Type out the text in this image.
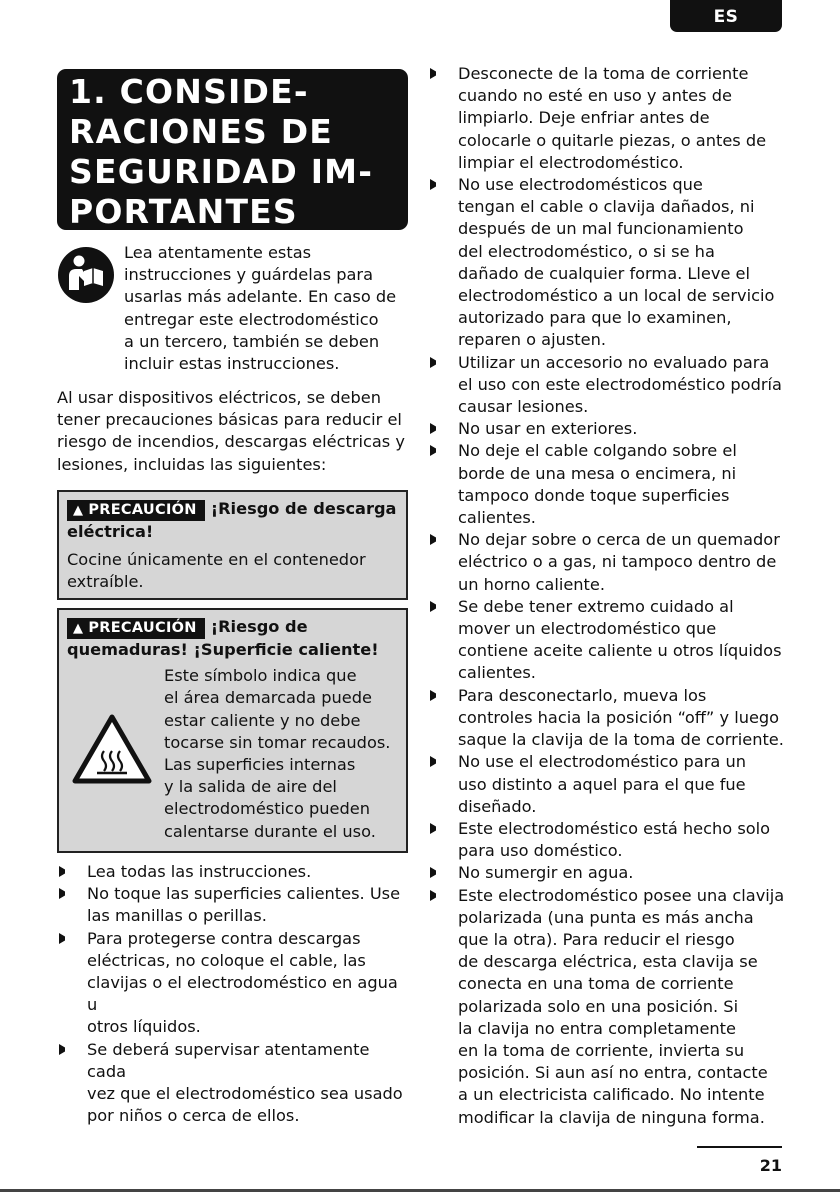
ES
1. CONSIDE-
RACIONES DE
SEGURIDAD IM-
PORTANTES
Lea atentamente estas
instrucciones y guárdelas para
usarlas más adelante. En caso de
entregar este electrodoméstico
a un tercero, también se deben
incluir estas instrucciones.
Al usar dispositivos eléctricos, se deben
tener precauciones básicas para reducir el
riesgo de incendios, descargas eléctricas y
lesiones, incluidas las siguientes:
▲ PRECAUCIÓN ¡Riesgo de descarga
eléctrica!
Cocine únicamente en el contenedor
extraíble.
▲ PRECAUCIÓN ¡Riesgo de
quemaduras! ¡Superficie caliente!
Este símbolo indica que
el área demarcada puede
estar caliente y no debe
tocarse sin tomar recaudos.
Las superficies internas
y la salida de aire del
electrodoméstico pueden
calentarse durante el uso.
Lea todas las instrucciones.
No toque las superficies calientes. Use
las manillas o perillas.
Para protegerse contra descargas
eléctricas, no coloque el cable, las
clavijas o el electrodoméstico en agua u
otros líquidos.
Se deberá supervisar atentamente cada
vez que el electrodoméstico sea usado
por niños o cerca de ellos.
Desconecte de la toma de corriente
cuando no esté en uso y antes de
limpiarlo. Deje enfriar antes de
colocarle o quitarle piezas, o antes de
limpiar el electrodoméstico.
No use electrodomésticos que
tengan el cable o clavija dañados, ni
después de un mal funcionamiento
del electrodoméstico, o si se ha
dañado de cualquier forma. Lleve el
electrodoméstico a un local de servicio
autorizado para que lo examinen,
reparen o ajusten.
Utilizar un accesorio no evaluado para
el uso con este electrodoméstico podría
causar lesiones.
No usar en exteriores.
No deje el cable colgando sobre el
borde de una mesa o encimera, ni
tampoco donde toque superficies
calientes.
No dejar sobre o cerca de un quemador
eléctrico o a gas, ni tampoco dentro de
un horno caliente.
Se debe tener extremo cuidado al
mover un electrodoméstico que
contiene aceite caliente u otros líquidos
calientes.
Para desconectarlo, mueva los
controles hacia la posición “off” y luego
saque la clavija de la toma de corriente.
No use el electrodoméstico para un
uso distinto a aquel para el que fue
diseñado.
Este electrodoméstico está hecho solo
para uso doméstico.
No sumergir en agua.
Este electrodoméstico posee una clavija
polarizada (una punta es más ancha
que la otra). Para reducir el riesgo
de descarga eléctrica, esta clavija se
conecta en una toma de corriente
polarizada solo en una posición. Si
la clavija no entra completamente
en la toma de corriente, invierta su
posición. Si aun así no entra, contacte
a un electricista calificado. No intente
modificar la clavija de ninguna forma.
21
